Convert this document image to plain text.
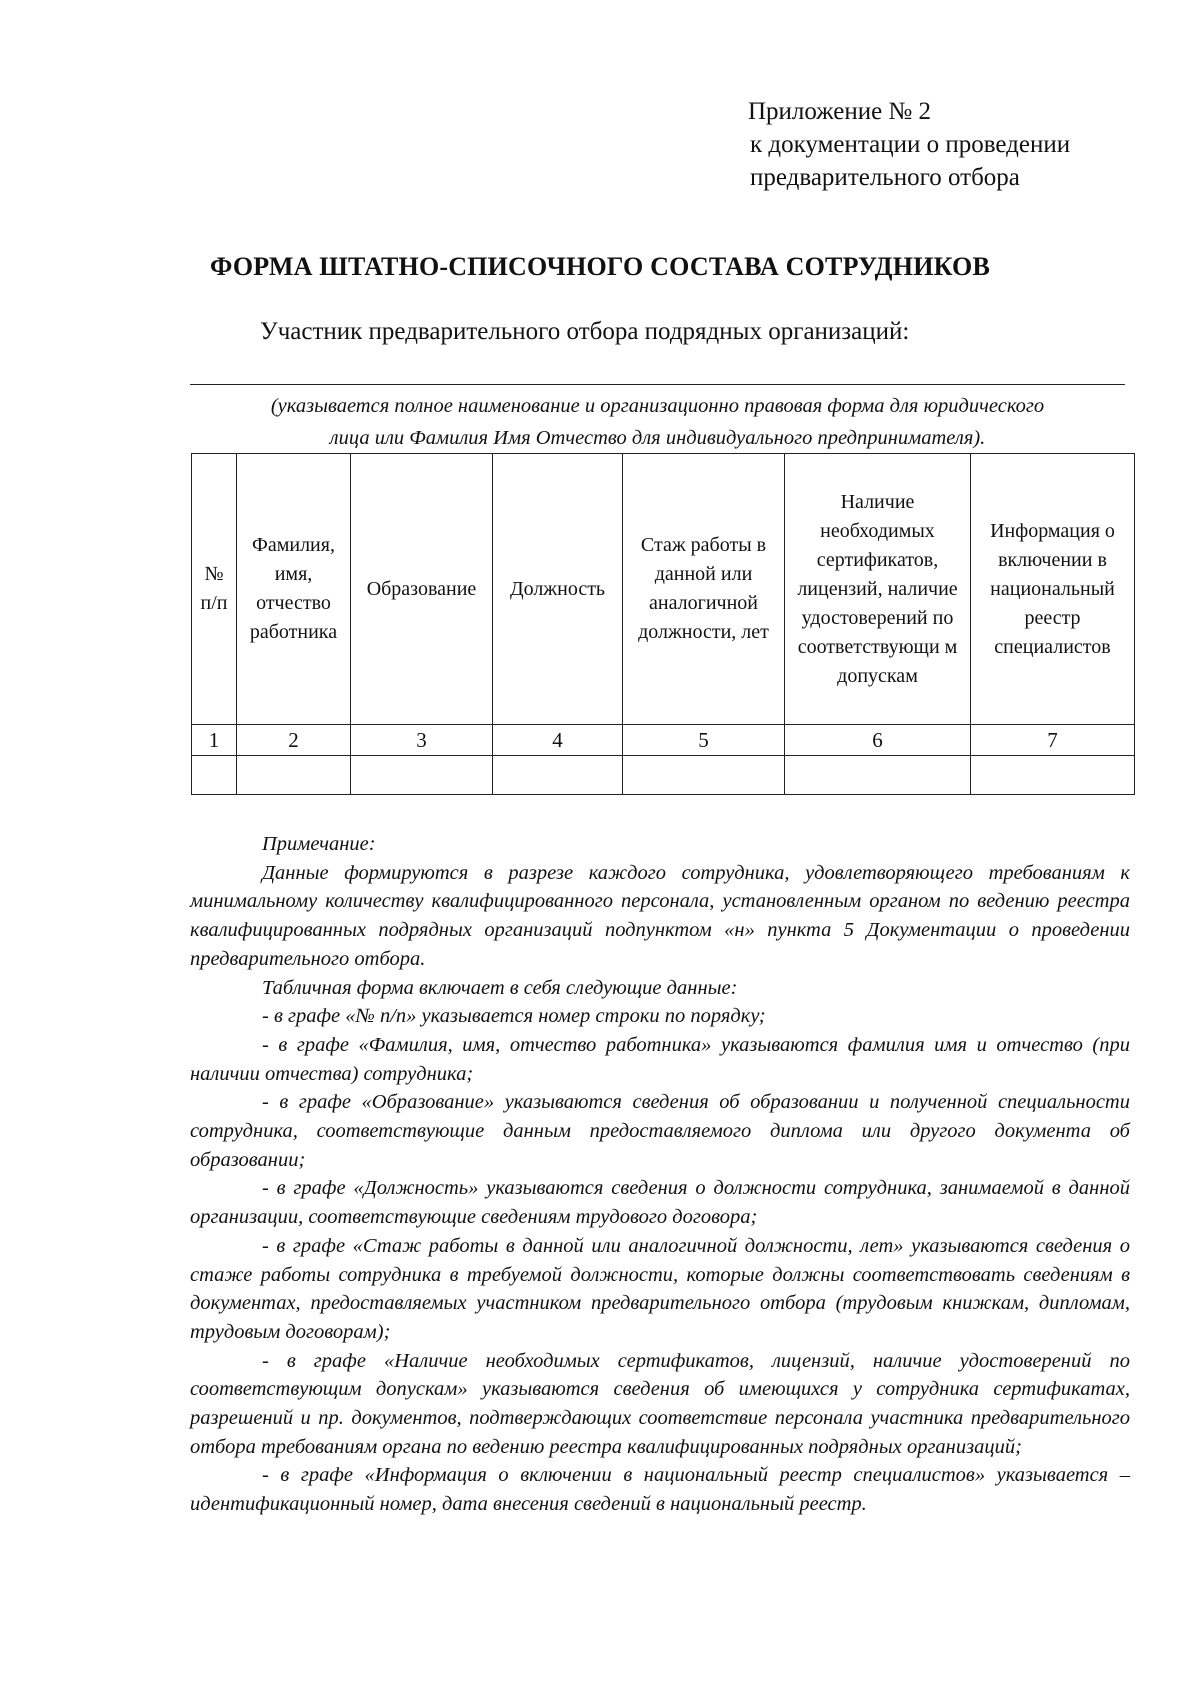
Приложение № 2
к документации о проведении
предварительного отбора
ФОРМА ШТАТНО-СПИСОЧНОГО СОСТАВА СОТРУДНИКОВ
Участник предварительного отбора подрядных организаций:
(указывается полное наименование и организационно правовая форма для юридического
лица или Фамилия Имя Отчество для индивидуального предпринимателя).
№ п/п	Фамилия, имя, отчество работника	Образование	Должность	Стаж работы в данной или аналогичной должности, лет	Наличие необходимых сертификатов, лицензий, наличие удостоверений по соответствующи м допускам	Информация о включении в национальный реестр специалистов
1	2	3	4	5	6	7

Примечание:

Данные формируются в разрезе каждого сотрудника, удовлетворяющего требованиям к минимальному количеству квалифицированного персонала, установленным органом по ведению реестра квалифицированных подрядных организаций подпунктом «н» пункта 5 Документации о проведении предварительного отбора.

Табличная форма включает в себя следующие данные:

- в графе «№ п/п» указывается номер строки по порядку;

- в графе «Фамилия, имя, отчество работника» указываются фамилия имя и отчество (при наличии отчества) сотрудника;

- в графе «Образование» указываются сведения об образовании и полученной специальности сотрудника, соответствующие данным предоставляемого диплома или другого документа об образовании;

- в графе «Должность» указываются сведения о должности сотрудника, занимаемой в данной организации, соответствующие сведениям трудового договора;

- в графе «Стаж работы в данной или аналогичной должности, лет» указываются сведения о стаже работы сотрудника в требуемой должности, которые должны соответствовать сведениям в документах, предоставляемых участником предварительного отбора (трудовым книжкам, дипломам, трудовым договорам);

- в графе «Наличие необходимых сертификатов, лицензий, наличие удостоверений по соответствующим допускам» указываются сведения об имеющихся у сотрудника сертификатах, разрешений и пр. документов, подтверждающих соответствие персонала участника предварительного отбора требованиям органа по ведению реестра квалифицированных подрядных организаций;

- в графе «Информация о включении в национальный реестр специалистов» указывается – идентификационный номер, дата внесения сведений в национальный реестр.
